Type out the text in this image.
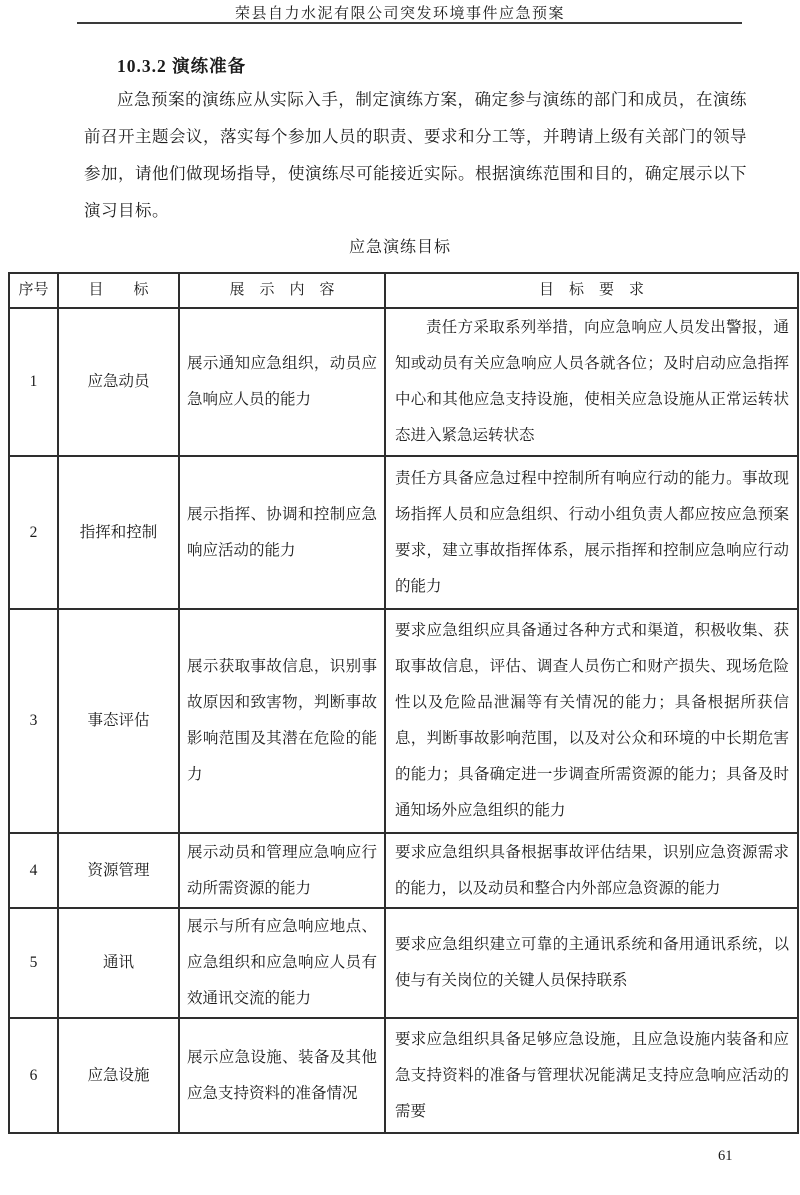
荣县自力水泥有限公司突发环境事件应急预案
10.3.2 演练准备
应急预案的演练应从实际入手，制定演练方案，确定参与演练的部门和成员，在演练前召开主题会议，落实每个参加人员的职责、要求和分工等，并聘请上级有关部门的领导参加，请他们做现场指导，使演练尽可能接近实际。根据演练范围和目的，确定展示以下演习目标。
应急演练目标
序号	目　　标	展　示　内　容	目　标　要　求
1	应急动员	展示通知应急组织，动员应急响应人员的能力	责任方采取系列举措，向应急响应人员发出警报，通知或动员有关应急响应人员各就各位；及时启动应急指挥中心和其他应急支持设施，使相关应急设施从正常运转状态进入紧急运转状态
2	指挥和控制	展示指挥、协调和控制应急响应活动的能力	责任方具备应急过程中控制所有响应行动的能力。事故现场指挥人员和应急组织、行动小组负责人都应按应急预案要求，建立事故指挥体系，展示指挥和控制应急响应行动的能力
3	事态评估	展示获取事故信息，识别事故原因和致害物，判断事故影响范围及其潜在危险的能力	要求应急组织应具备通过各种方式和渠道，积极收集、获取事故信息，评估、调查人员伤亡和财产损失、现场危险性以及危险品泄漏等有关情况的能力；具备根据所获信息，判断事故影响范围，以及对公众和环境的中长期危害的能力；具备确定进一步调查所需资源的能力；具备及时通知场外应急组织的能力
4	资源管理	展示动员和管理应急响应行动所需资源的能力	要求应急组织具备根据事故评估结果，识别应急资源需求的能力，以及动员和整合内外部应急资源的能力
5	通讯	展示与所有应急响应地点、应急组织和应急响应人员有效通讯交流的能力	要求应急组织建立可靠的主通讯系统和备用通讯系统，以使与有关岗位的关键人员保持联系
6	应急设施	展示应急设施、装备及其他应急支持资料的准备情况	要求应急组织具备足够应急设施，且应急设施内装备和应急支持资料的准备与管理状况能满足支持应急响应活动的需要
61
